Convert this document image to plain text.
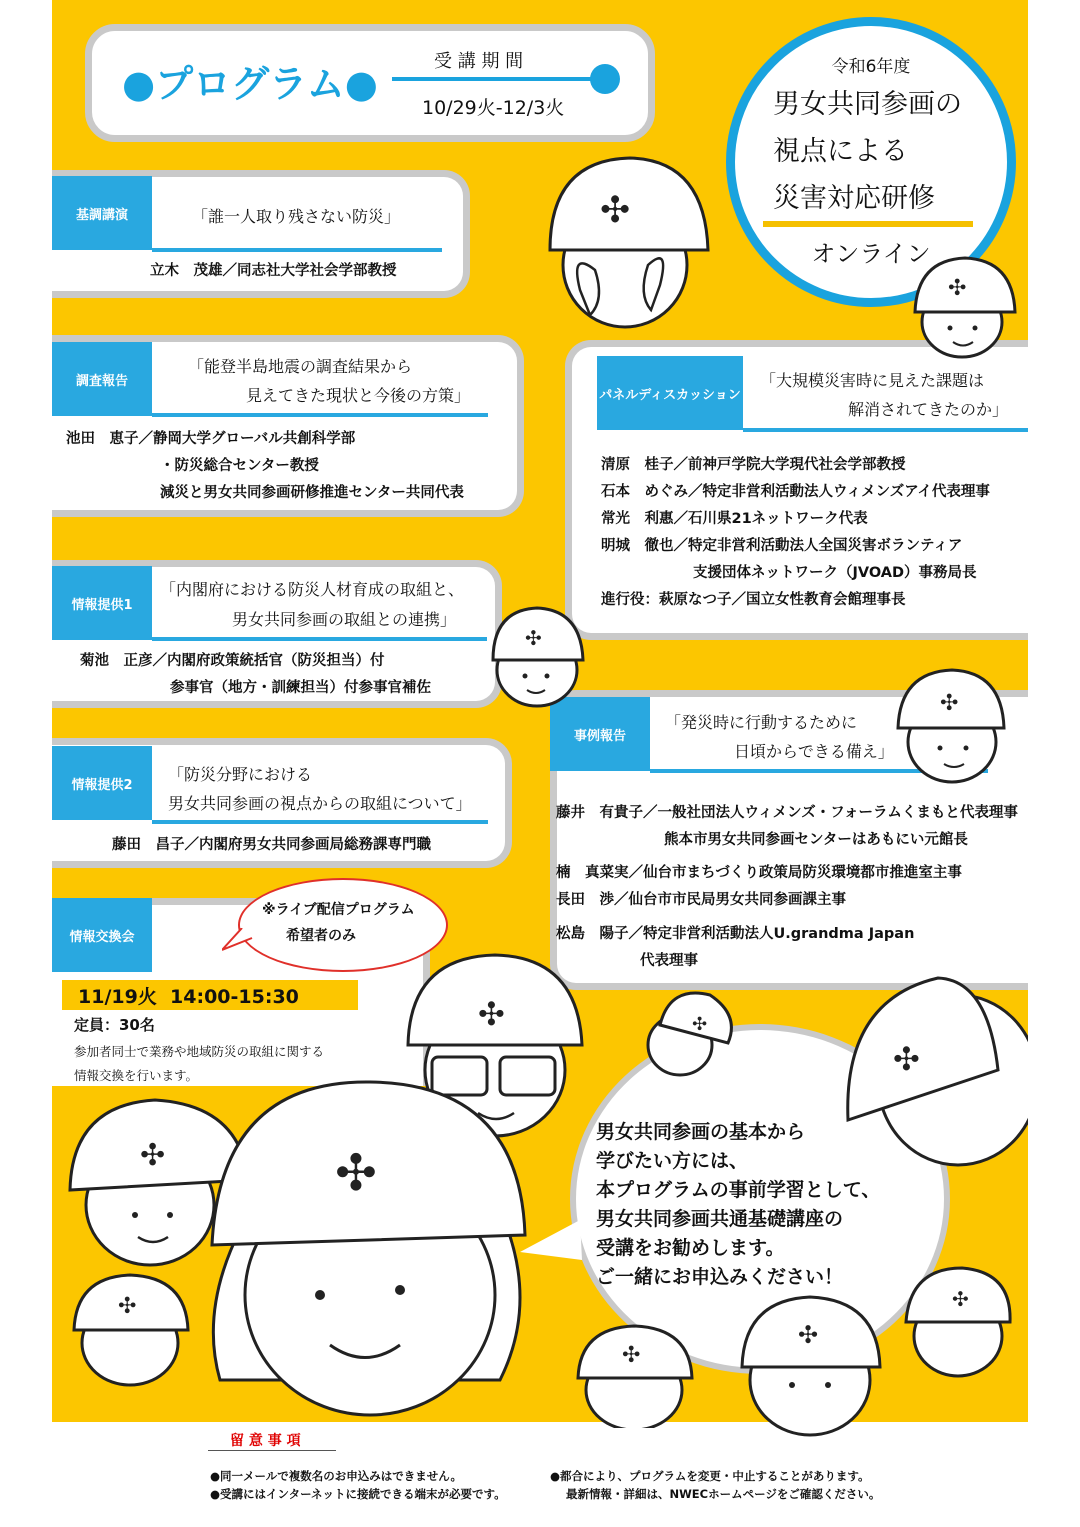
●プログラム●
受 講 期 間
10/29火-12/3火
令和6年度
男女共同参画の
視点による
災害対応研修
オンライン
基調講演	「誰一人取り残さない防災」
立木　茂雄／同志社大学社会学部教授
調査報告
「能登半島地震の調査結果から
見えてきた現状と今後の方策」
池田　恵子／静岡大学グローバル共創科学部
・防災総合センター教授
減災と男女共同参画研修推進センター共同代表
情報提供1
「内閣府における防災人材育成の取組と、
男女共同参画の取組との連携」
菊池　正彦／内閣府政策統括官（防災担当）付
参事官（地方・訓練担当）付参事官補佐
情報提供2
「防災分野における
男女共同参画の視点からの取組について」
藤田　昌子／内閣府男女共同参画局総務課専門職
パネルディスカッション
「大規模災害時に見えた課題は
解消されてきたのか」
清原　桂子／前神戸学院大学現代社会学部教授
石本　めぐみ／特定非営利活動法人ウィメンズアイ代表理事
常光　利惠／石川県21ネットワーク代表
明城　徹也／特定非営利活動法人全国災害ボランティア
支援団体ネットワーク（JVOAD）事務局長
進行役：萩原なつ子／国立女性教育会館理事長
事例報告
「発災時に行動するために
日頃からできる備え」
藤井　有貴子／一般社団法人ウィメンズ・フォーラムくまもと代表理事
熊本市男女共同参画センターはあもにい元館長
楠　真菜実／仙台市まちづくり政策局防災環境都市推進室主事
長田　渉／仙台市市民局男女共同参画課主事
松島　陽子／特定非営利活動法人U.grandma Japan
代表理事
情報交換会
※ライブ配信プログラム
希望者のみ
11/19火  14:00-15:30
定員：30名
参加者同士で業務や地域防災の取組に関する
情報交換を行います。
男女共同参画の基本から
学びたい方には、
本プログラムの事前学習として、
男女共同参画共通基礎講座の
受講をお勧めします。
ご一緒にお申込みください！
✣
✣
✣
✣
✣
✣
✣
✣	✣
✣
✣
✣
✣
留 意 事 項
●同一メールで複数名のお申込みはできません。
●受講にはインターネットに接続できる端末が必要です。
●都合により、プログラムを変更・中止することがあります。
最新情報・詳細は、NWECホームページをご確認ください。
